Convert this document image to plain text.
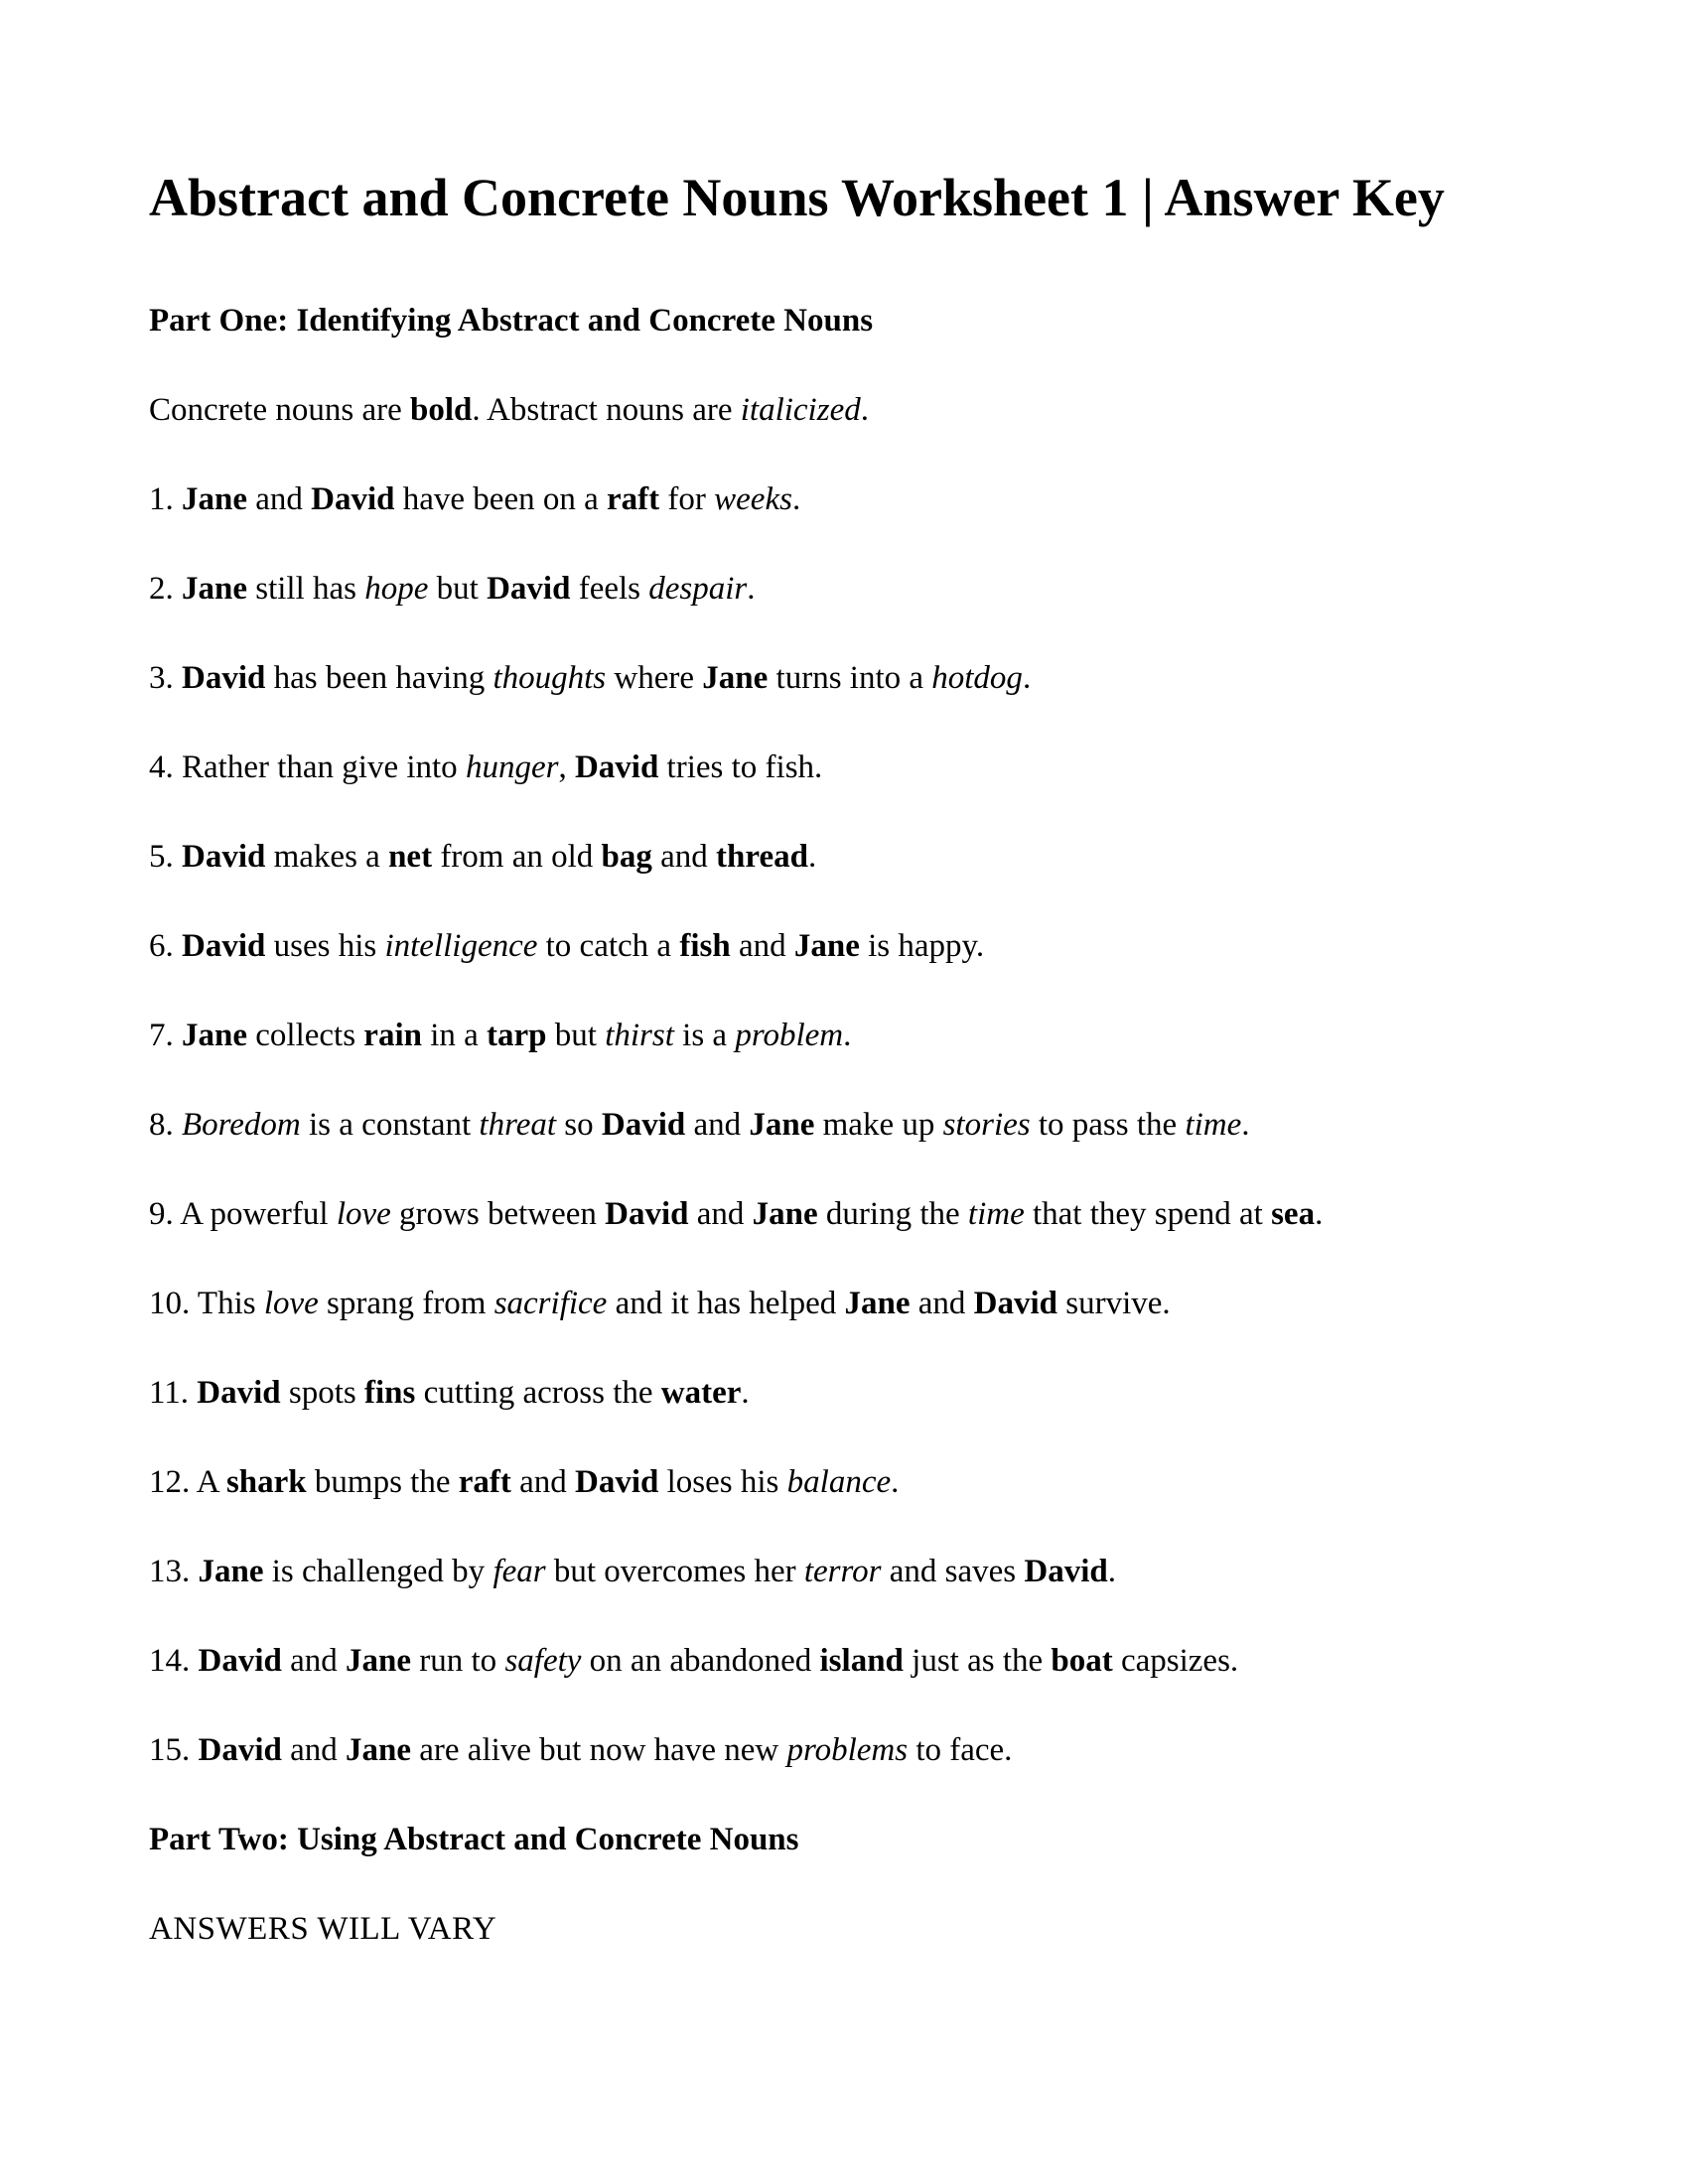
Abstract and Concrete Nouns Worksheet 1 | Answer Key
Part One: Identifying Abstract and Concrete Nouns

Concrete nouns are bold. Abstract nouns are italicized.

1. Jane and David have been on a raft for weeks.

2. Jane still has hope but David feels despair.

3. David has been having thoughts where Jane turns into a hotdog.

4. Rather than give into hunger, David tries to fish.

5. David makes a net from an old bag and thread.

6. David uses his intelligence to catch a fish and Jane is happy.

7. Jane collects rain in a tarp but thirst is a problem.

8. Boredom is a constant threat so David and Jane make up stories to pass the time.

9. A powerful love grows between David and Jane during the time that they spend at sea.

10. This love sprang from sacrifice and it has helped Jane and David survive.

11. David spots fins cutting across the water.

12. A shark bumps the raft and David loses his balance.

13. Jane is challenged by fear but overcomes her terror and saves David.

14. David and Jane run to safety on an abandoned island just as the boat capsizes.

15. David and Jane are alive but now have new problems to face.

Part Two: Using Abstract and Concrete Nouns

ANSWERS WILL VARY
